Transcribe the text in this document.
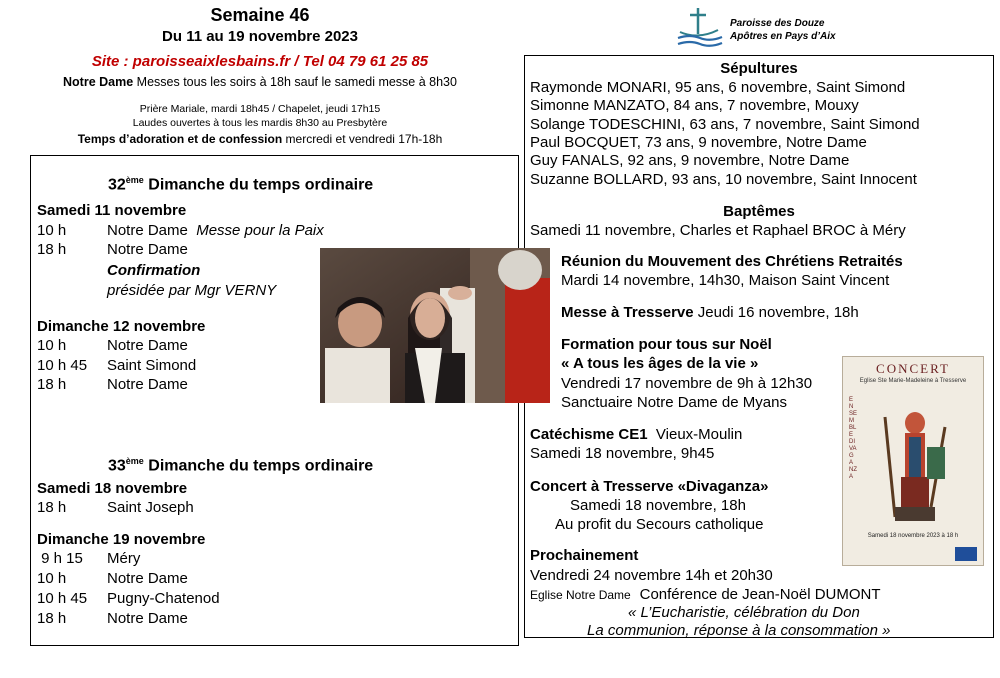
Semaine 46
Du 11 au 19 novembre 2023
Site : paroisseaixlesbains.fr / Tel 04 79 61 25 85
Notre Dame Messes tous les soirs à 18h sauf le samedi messe à 8h30
Prière Mariale, mardi 18h45 / Chapelet, jeudi 17h15
Laudes ouvertes à tous les mardis 8h30 au Presbytère
Temps d’adoration et de confession mercredi et vendredi 17h-18h
Paroisse des Douze
Apôtres en Pays d’Aix
32ème Dimanche du temps ordinaire
Samedi 11 novembre
10 h	Notre Dame Messe pour la Paix
18 h	Notre Dame
Confirmation
présidée par Mgr VERNY
Dimanche 12 novembre
10 h	Notre Dame
10 h 45 Saint Simond
18 h	Notre Dame
33ème Dimanche du temps ordinaire
Samedi 18 novembre
18 h	Saint Joseph
Dimanche 19 novembre
9 h 15 Méry
10 h	Notre Dame
10 h 45 Pugny-Chatenod
18 h	Notre Dame
Sépultures
Raymonde MONARI, 95 ans, 6 novembre, Saint Simond
Simonne MANZATO, 84 ans, 7 novembre, Mouxy
Solange TODESCHINI, 63 ans, 7 novembre, Saint Simond
Paul BOCQUET, 73 ans, 9 novembre, Notre Dame
Guy FANALS, 92 ans, 9 novembre, Notre Dame
Suzanne BOLLARD, 93 ans, 10 novembre, Saint Innocent
Baptêmes
Samedi 11 novembre, Charles et Raphael BROC à Méry
Réunion du Mouvement des Chrétiens Retraités
Mardi 14 novembre, 14h30, Maison Saint Vincent
Messe à Tresserve Jeudi 16 novembre, 18h
Formation pour tous sur Noël
« A tous les âges de la vie »
Vendredi 17 novembre de 9h à 12h30
Sanctuaire Notre Dame de Myans
Catéchisme CE1 Vieux-Moulin
Samedi 18 novembre, 9h45
Concert à Tresserve «Divaganza»
Samedi 18 novembre, 18h
Au profit du Secours catholique
Prochainement
Vendredi 24 novembre 14h et 20h30
Eglise Notre Dame Conférence de Jean-Noël DUMONT
« L’Eucharistie, célébration du Don
La communion, réponse à la consommation »
CONCERT
Eglise Ste Marie-Madeleine à Tresserve
ENSEMBLE DIVAGANZA
Samedi 18 novembre 2023 à 18 h
